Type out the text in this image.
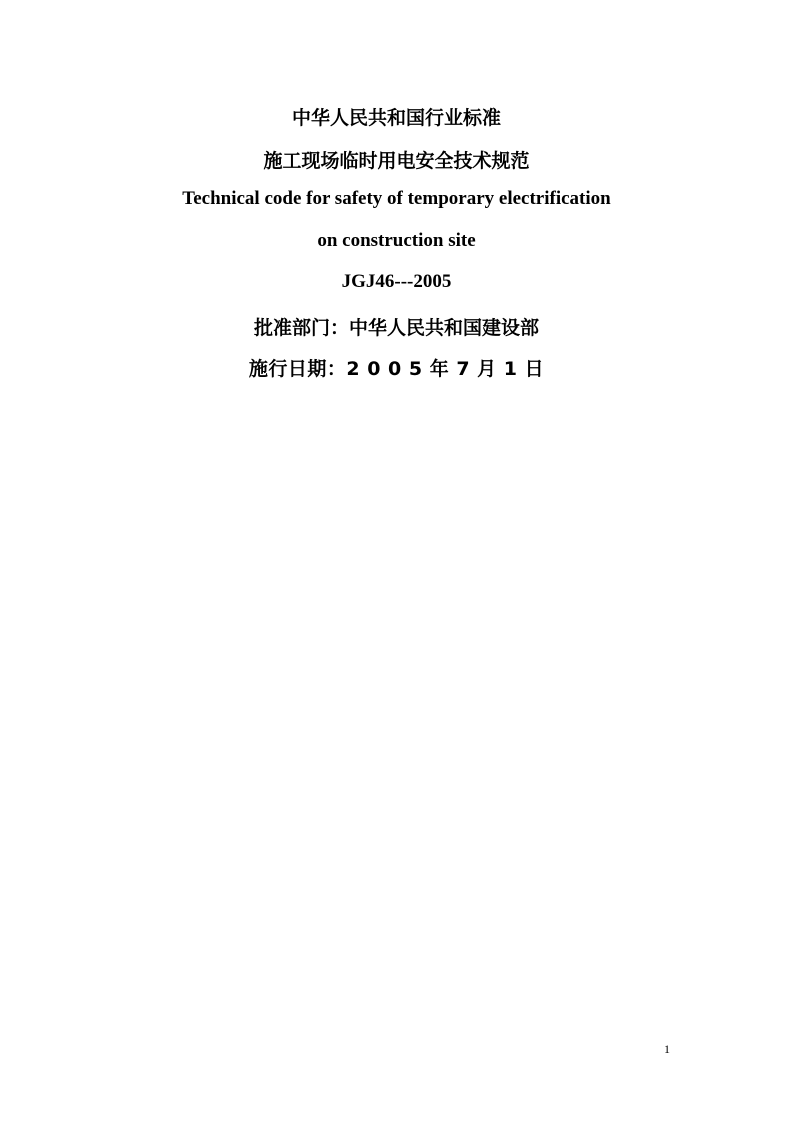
中华人民共和国行业标准
施工现场临时用电安全技术规范
Technical code for safety of temporary electrification
on construction site
JGJ46---2005
批准部门：中华人民共和国建设部
施行日期：2 0 0 5 年 7 月 1 日
1
